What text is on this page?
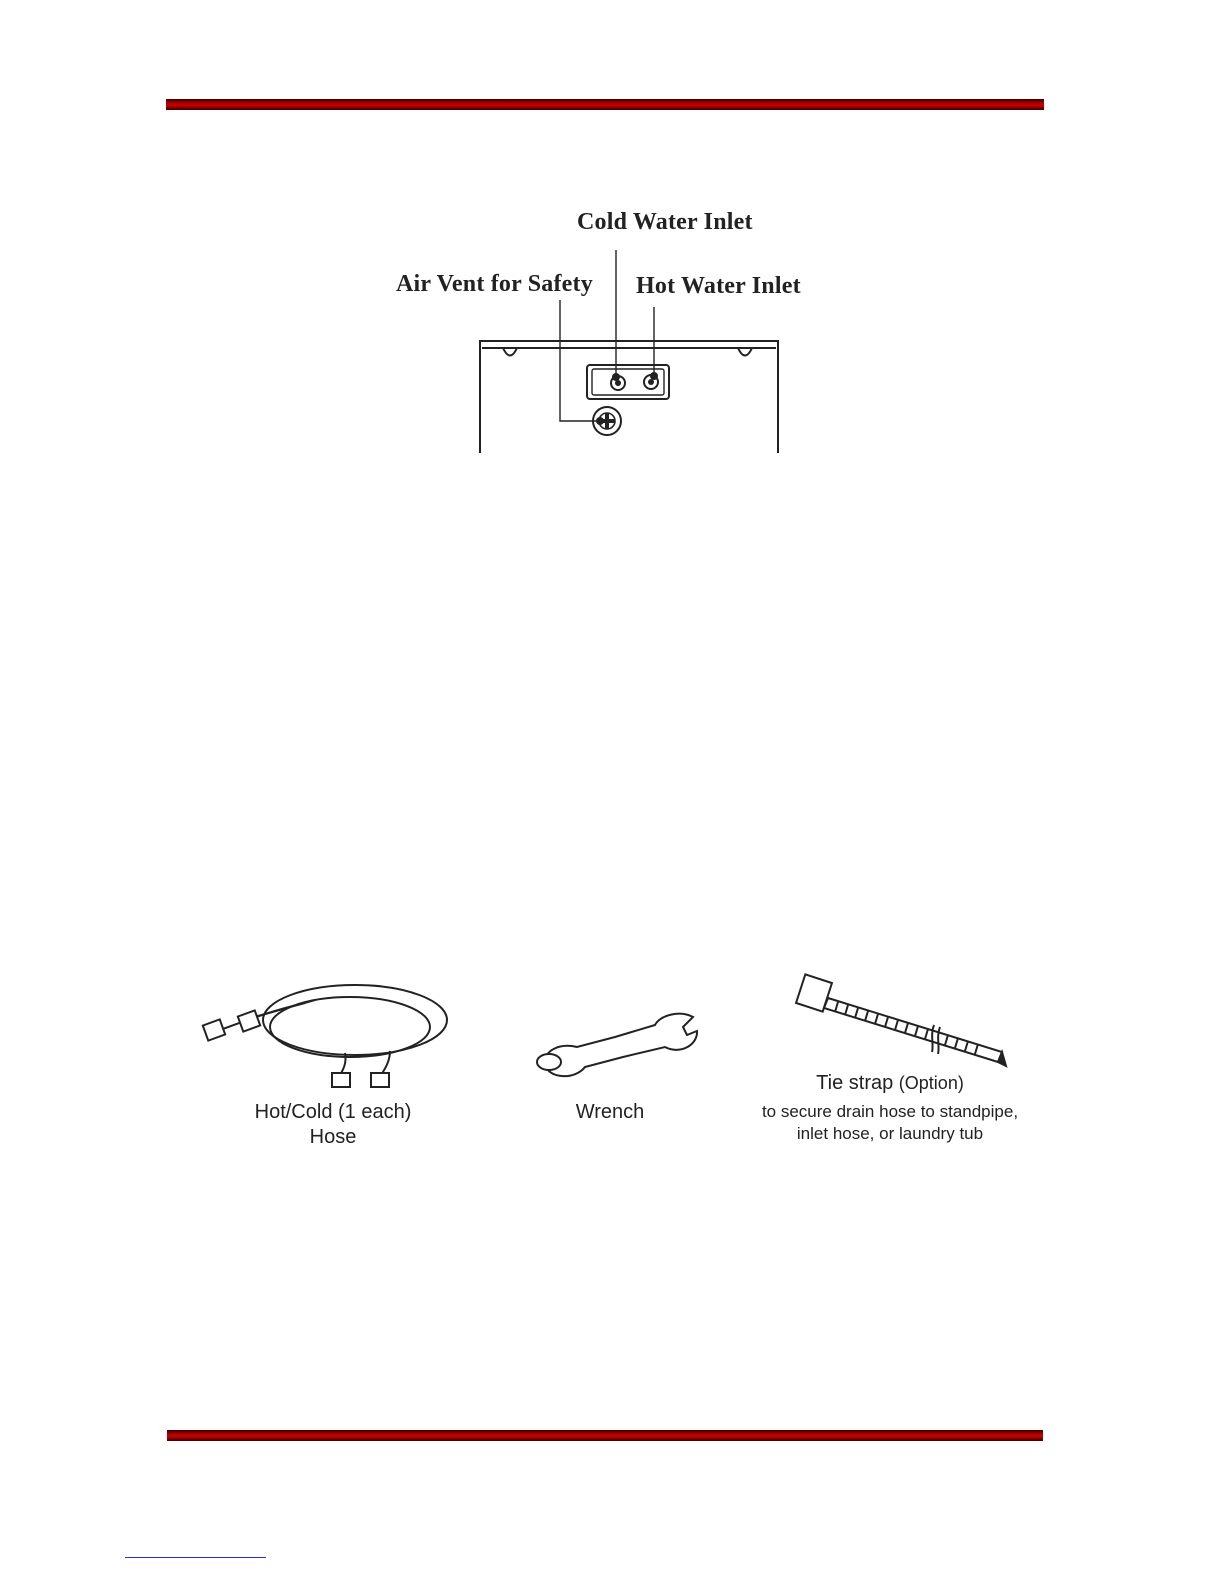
Cold Water Inlet
Air Vent for Safety Hot Water Inlet
Hot/Cold (1 each)
Hose
Wrench
Tie strap (Option)
to secure drain hose to standpipe,
inlet hose, or laundry tub
